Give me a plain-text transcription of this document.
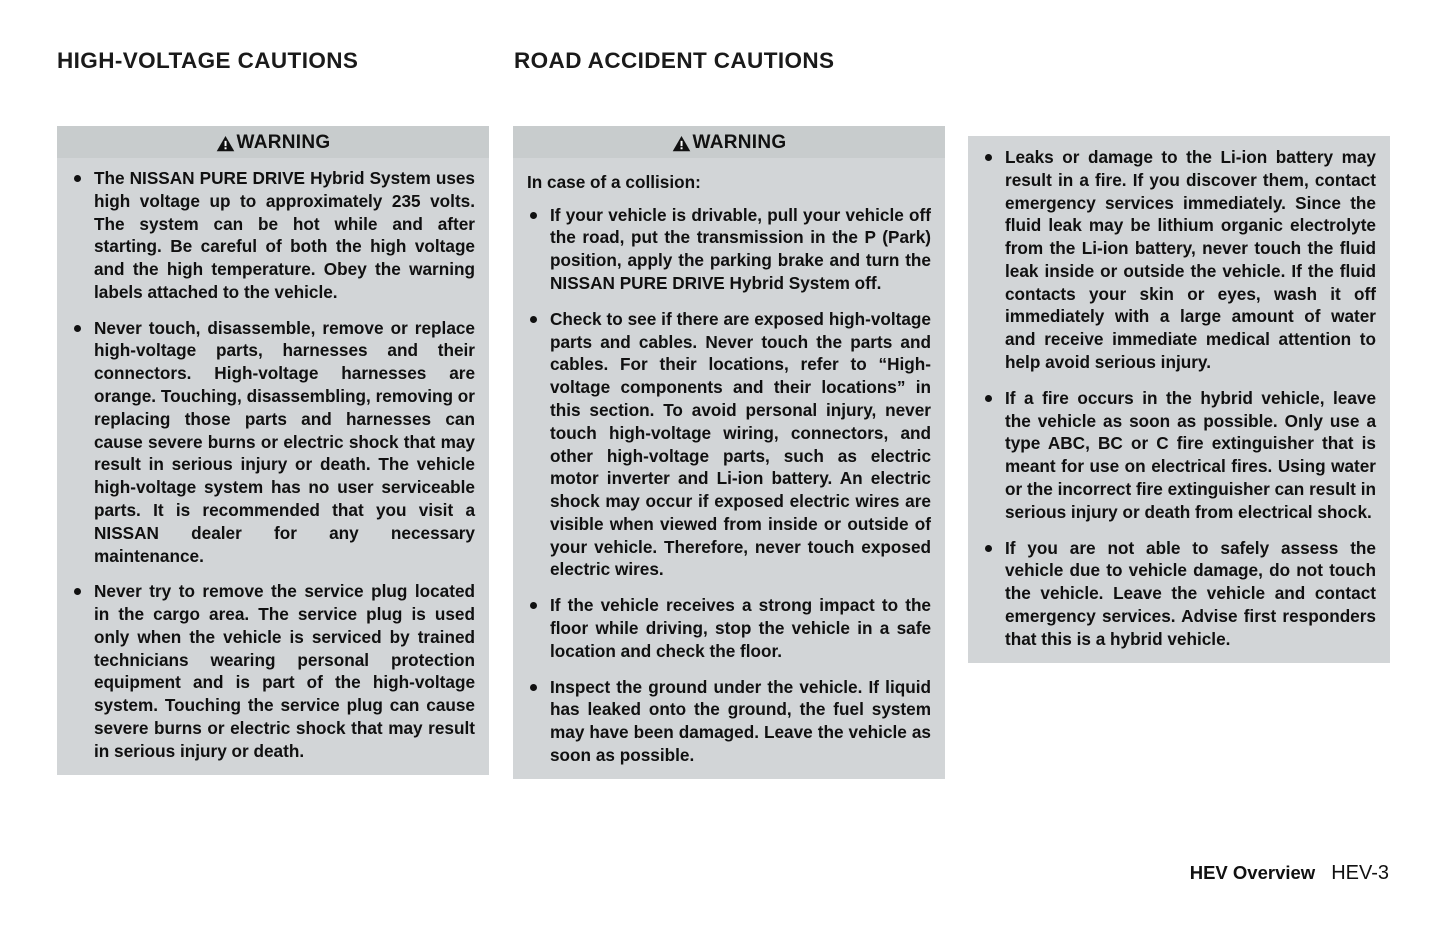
HIGH-VOLTAGE CAUTIONS	ROAD ACCIDENT CAUTIONS
WARNING
The NISSAN PURE DRIVE Hybrid System uses high voltage up to approximately 235 volts. The system can be hot while and after starting. Be careful of both the high voltage and the high temperature. Obey the warning labels attached to the vehicle.
Never touch, disassemble, remove or replace high-voltage parts, harnesses and their connectors. High-voltage harnesses are orange. Touching, disassembling, removing or replacing those parts and harnesses can cause severe burns or electric shock that may result in serious injury or death. The vehicle high-voltage system has no user serviceable parts. It is recommended that you visit a NISSAN dealer for any necessary maintenance.
Never try to remove the service plug located in the cargo area. The service plug is used only when the vehicle is serviced by trained technicians wearing personal protection equipment and is part of the high-voltage system. Touching the service plug can cause severe burns or electric shock that may result in serious injury or death.
WARNING

In case of a collision:

If your vehicle is drivable, pull your vehicle off the road, put the transmission in the P (Park) position, apply the parking brake and turn the NISSAN PURE DRIVE Hybrid System off.
Check to see if there are exposed high-voltage parts and cables. Never touch the parts and cables. For their locations, refer to “High-voltage components and their locations” in this section. To avoid personal injury, never touch high-voltage wiring, connectors, and other high-voltage parts, such as electric motor inverter and Li-ion battery. An electric shock may occur if exposed electric wires are visible when viewed from inside or outside of your vehicle. Therefore, never touch exposed electric wires.
If the vehicle receives a strong impact to the floor while driving, stop the vehicle in a safe location and check the floor.
Inspect the ground under the vehicle. If liquid has leaked onto the ground, the fuel system may have been damaged. Leave the vehicle as soon as possible.
Leaks or damage to the Li-ion battery may result in a fire. If you discover them, contact emergency services immediately. Since the fluid leak may be lithium organic electrolyte from the Li-ion battery, never touch the fluid leak inside or outside the vehicle. If the fluid contacts your skin or eyes, wash it off immediately with a large amount of water and receive immediate medical attention to help avoid serious injury.
If a fire occurs in the hybrid vehicle, leave the vehicle as soon as possible. Only use a type ABC, BC or C fire extinguisher that is meant for use on electrical fires. Using water or the incorrect fire extinguisher can result in serious injury or death from electrical shock.
If you are not able to safely assess the vehicle due to vehicle damage, do not touch the vehicle. Leave the vehicle and contact emergency services. Advise first responders that this is a hybrid vehicle.
HEV Overview HEV-3
